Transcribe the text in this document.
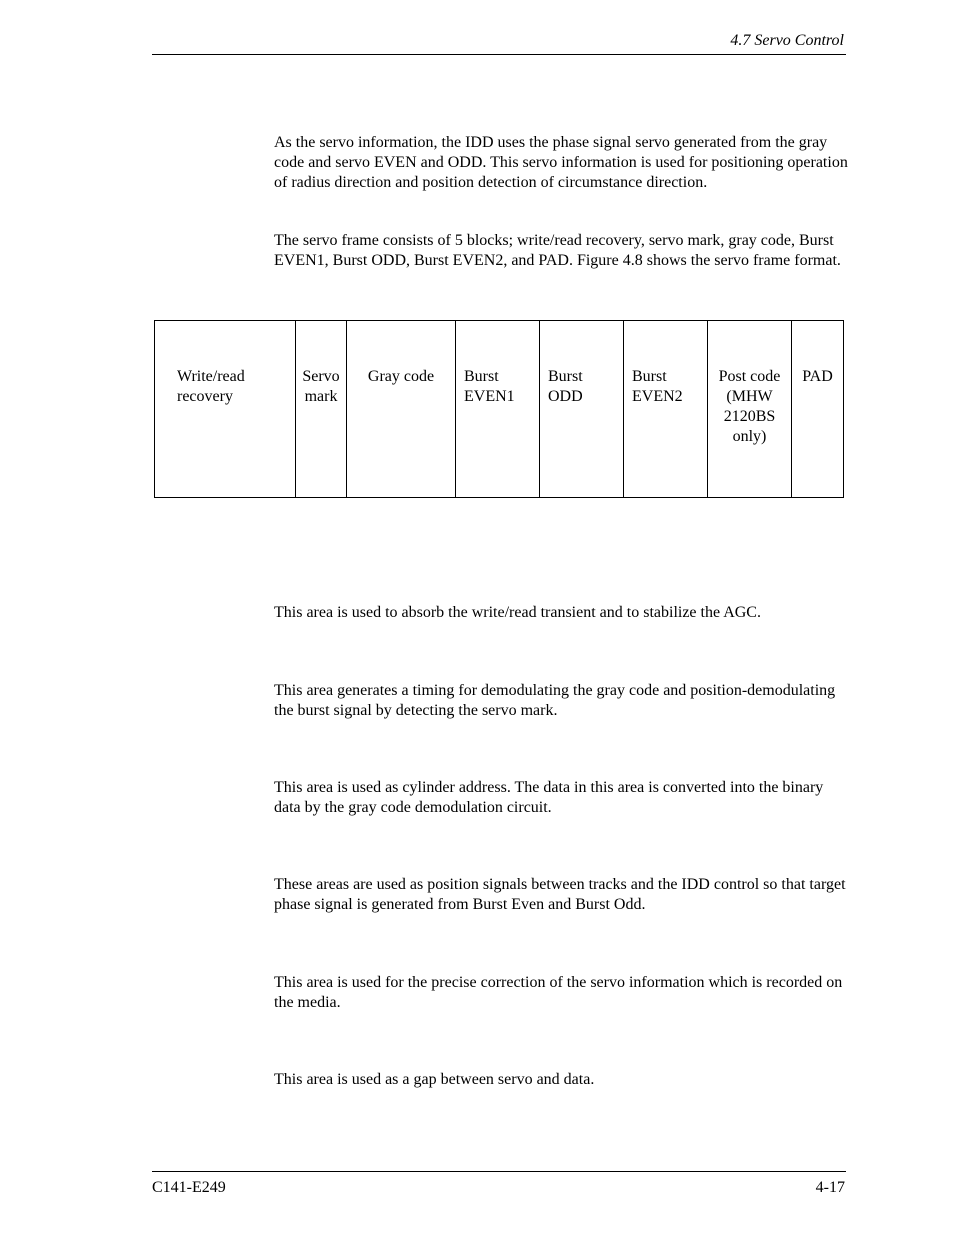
4.7 Servo Control

As the servo information, the IDD uses the phase signal servo generated from the gray code and servo EVEN and ODD. This servo information is used for positioning operation of radius direction and position detection of circumstance direction.

The servo frame consists of 5 blocks; write/read recovery, servo mark, gray code, Burst EVEN1, Burst ODD, Burst EVEN2, and PAD. Figure 4.8 shows the servo frame format.

Write/read recovery	Servo mark	Gray code	Burst EVEN1	Burst ODD	Burst EVEN2	Post code (MHW 2120BS only)	PAD

This area is used to absorb the write/read transient and to stabilize the AGC.

This area generates a timing for demodulating the gray code and position-demodulating the burst signal by detecting the servo mark.

This area is used as cylinder address. The data in this area is converted into the binary data by the gray code demodulation circuit.

These areas are used as position signals between tracks and the IDD control so that target phase signal is generated from Burst Even and Burst Odd.

This area is used for the precise correction of the servo information which is recorded on the media.

This area is used as a gap between servo and data.

C141-E249	4-17
